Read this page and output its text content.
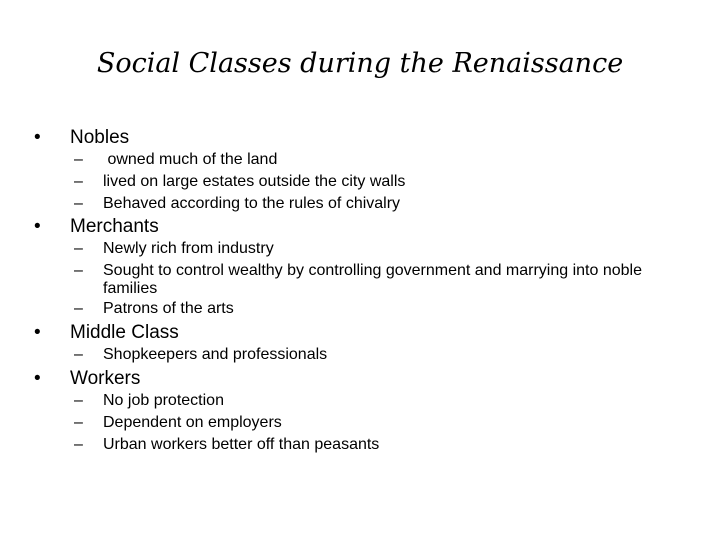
Social Classes during the Renaissance
•	Nobles
– owned much of the land
– lived on large estates outside the city walls
– Behaved according to the rules of chivalry
•	Merchants
– Newly rich from industry
– Sought to control wealthy by controlling government and marrying into noble families
– Patrons of the arts
•	Middle Class
– Shopkeepers and professionals
•	Workers
– No job protection
– Dependent on employers
– Urban workers better off than peasants
